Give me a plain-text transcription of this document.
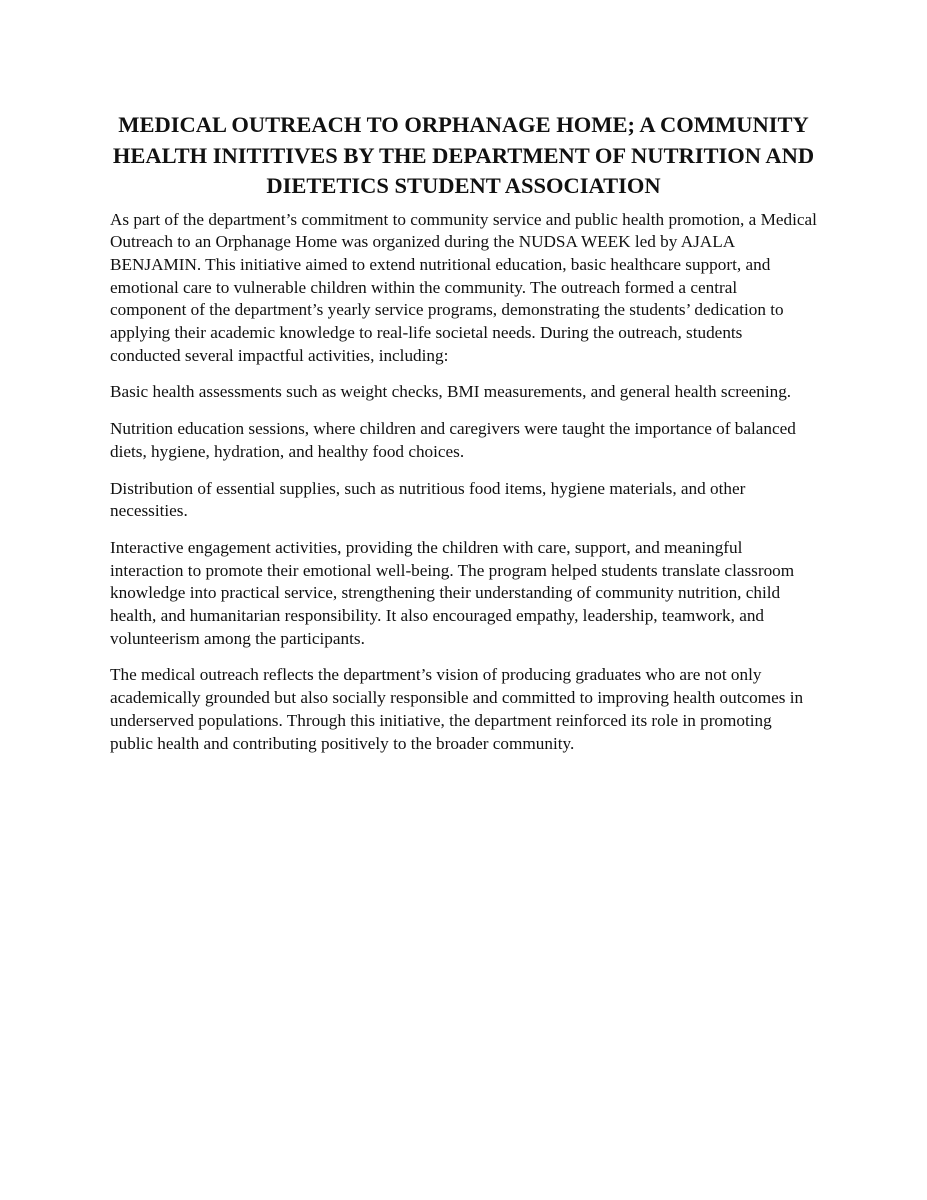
MEDICAL OUTREACH TO ORPHANAGE HOME; A COMMUNITY HEALTH INITITIVES BY THE DEPARTMENT OF NUTRITION AND DIETETICS STUDENT ASSOCIATION

As part of the department’s commitment to community service and public health promotion, a Medical Outreach to an Orphanage Home was organized during the NUDSA WEEK led by AJALA BENJAMIN. This initiative aimed to extend nutritional education, basic healthcare support, and emotional care to vulnerable children within the community. The outreach formed a central component of the department’s yearly service programs, demonstrating the students’ dedication to applying their academic knowledge to real-life societal needs. During the outreach, students conducted several impactful activities, including:

Basic health assessments such as weight checks, BMI measurements, and general health screening.

Nutrition education sessions, where children and caregivers were taught the importance of balanced diets, hygiene, hydration, and healthy food choices.

Distribution of essential supplies, such as nutritious food items, hygiene materials, and other necessities.

Interactive engagement activities, providing the children with care, support, and meaningful interaction to promote their emotional well-being. The program helped students translate classroom knowledge into practical service, strengthening their understanding of community nutrition, child health, and humanitarian responsibility. It also encouraged empathy, leadership, teamwork, and volunteerism among the participants.

The medical outreach reflects the department’s vision of producing graduates who are not only academically grounded but also socially responsible and committed to improving health outcomes in underserved populations. Through this initiative, the department reinforced its role in promoting public health and contributing positively to the broader community.
